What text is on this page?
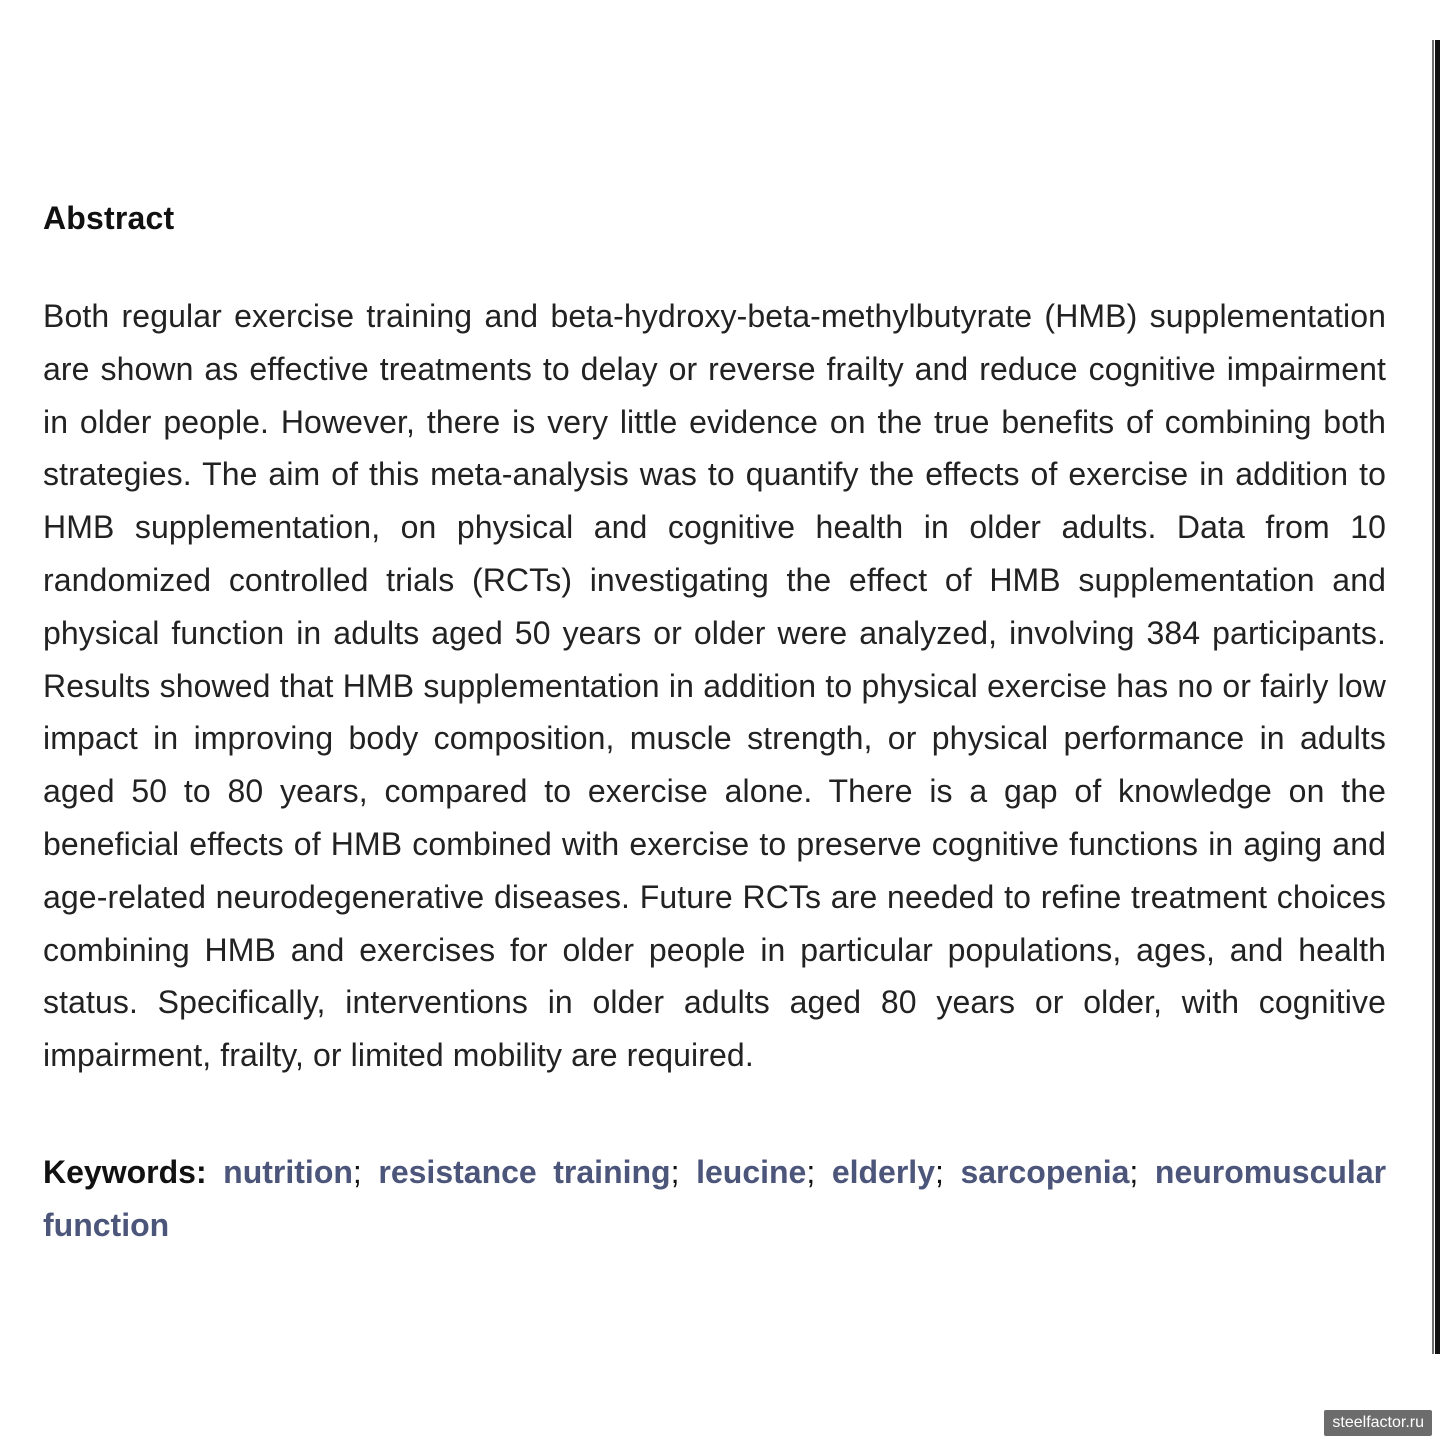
Abstract

Both regular exercise training and beta-hydroxy-beta-methylbutyrate (HMB) supplementation are shown as effective treatments to delay or reverse frailty and reduce cognitive impairment in older people. However, there is very little evidence on the true benefits of combining both strategies. The aim of this meta-analysis was to quantify the effects of exercise in addition to HMB supplementation, on physical and cognitive health in older adults. Data from 10 randomized controlled trials (RCTs) investigating the effect of HMB supplementation and physical function in adults aged 50 years or older were analyzed, involving 384 participants. Results showed that HMB supplementation in addition to physical exercise has no or fairly low impact in improving body composition, muscle strength, or physical performance in adults aged 50 to 80 years, compared to exercise alone. There is a gap of knowledge on the beneficial effects of HMB combined with exercise to preserve cognitive functions in aging and age-related neurodegenerative diseases. Future RCTs are needed to refine treatment choices combining HMB and exercises for older people in particular populations, ages, and health status. Specifically, interventions in older adults aged 80 years or older, with cognitive impairment, frailty, or limited mobility are required.

Keywords: nutrition; resistance training; leucine; elderly; sarcopenia; neuromuscular function

steelfactor.ru
